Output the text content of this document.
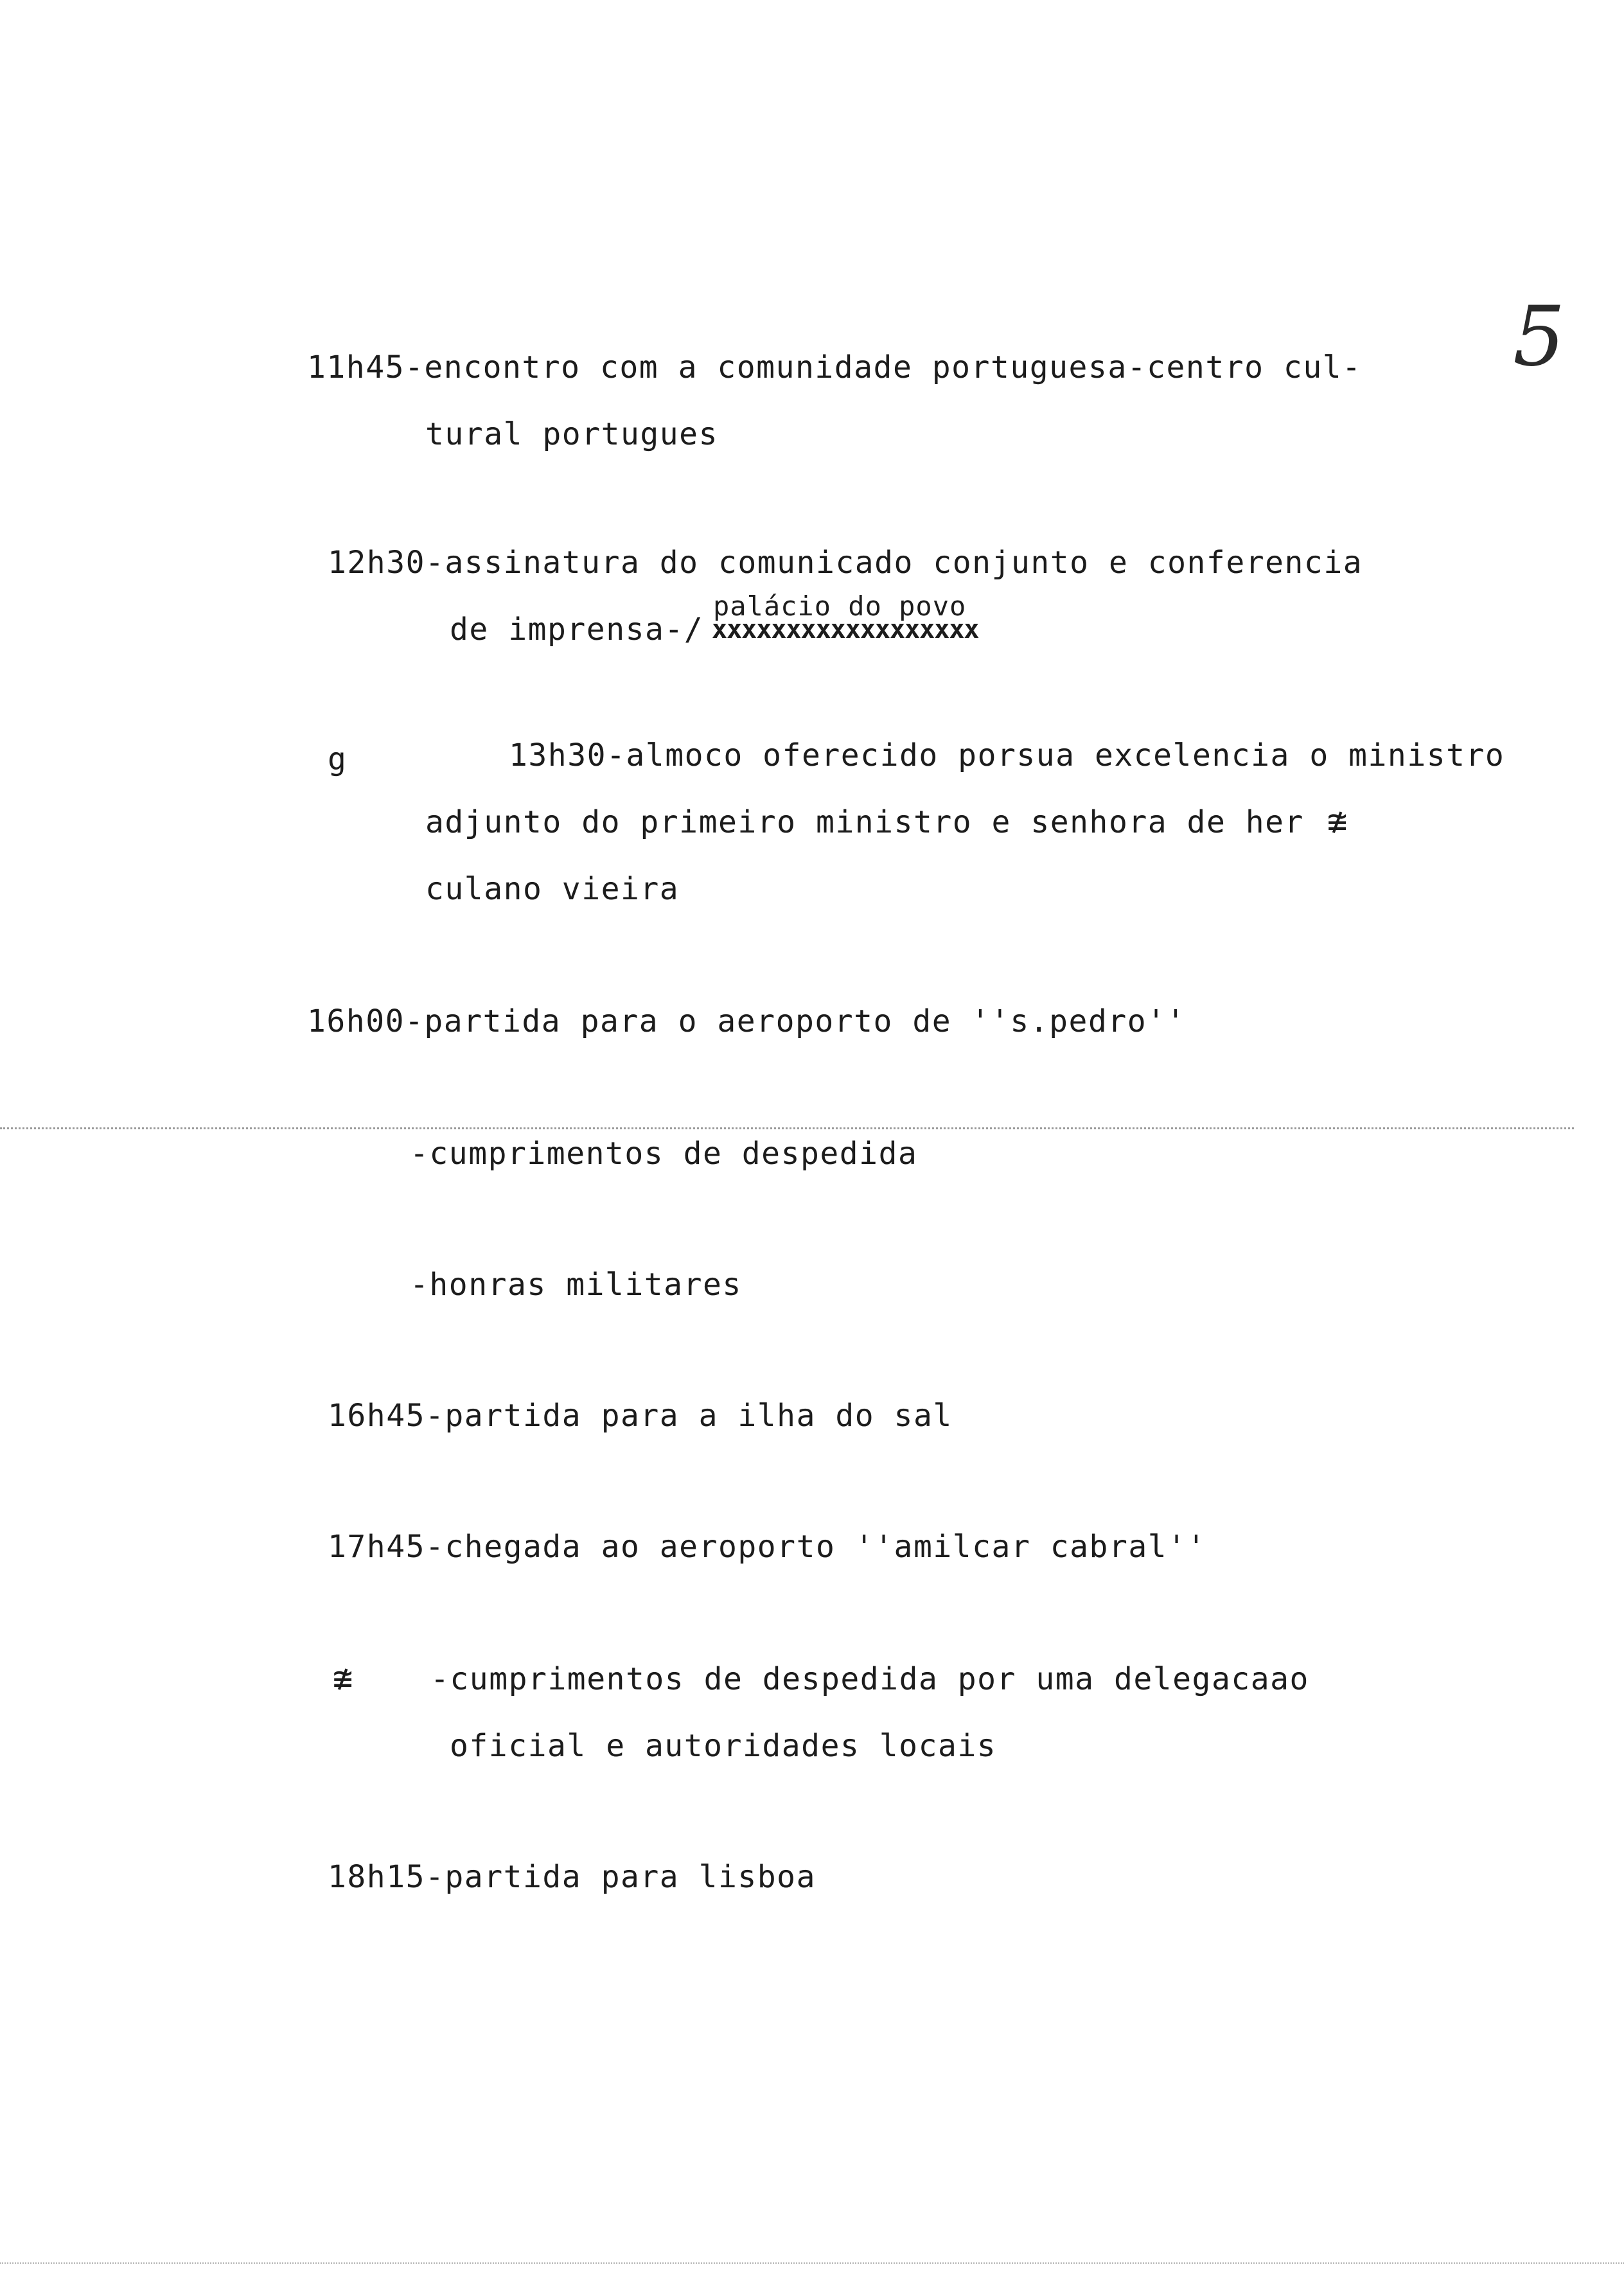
5
11h45-encontro com a comunidade portuguesa-centro cul-
tural portugues
12h30-assinatura do comunicado conjunto e conferencia
de imprensa-/
palácio do povo
xxxxxxxxxxxxxxxxxx
g	13h30-almoco oferecido porsua excelencia o ministro
adjunto do primeiro ministro e senhora de her ≇
culano vieira
16h00-partida para o aeroporto de ''s.pedro''
-cumprimentos de despedida
-honras militares
16h45-partida para a ilha do sal
17h45-chegada ao aeroporto ''amilcar cabral''
≇	-cumprimentos de despedida por uma delegacaao
oficial e autoridades locais
18h15-partida para lisboa
